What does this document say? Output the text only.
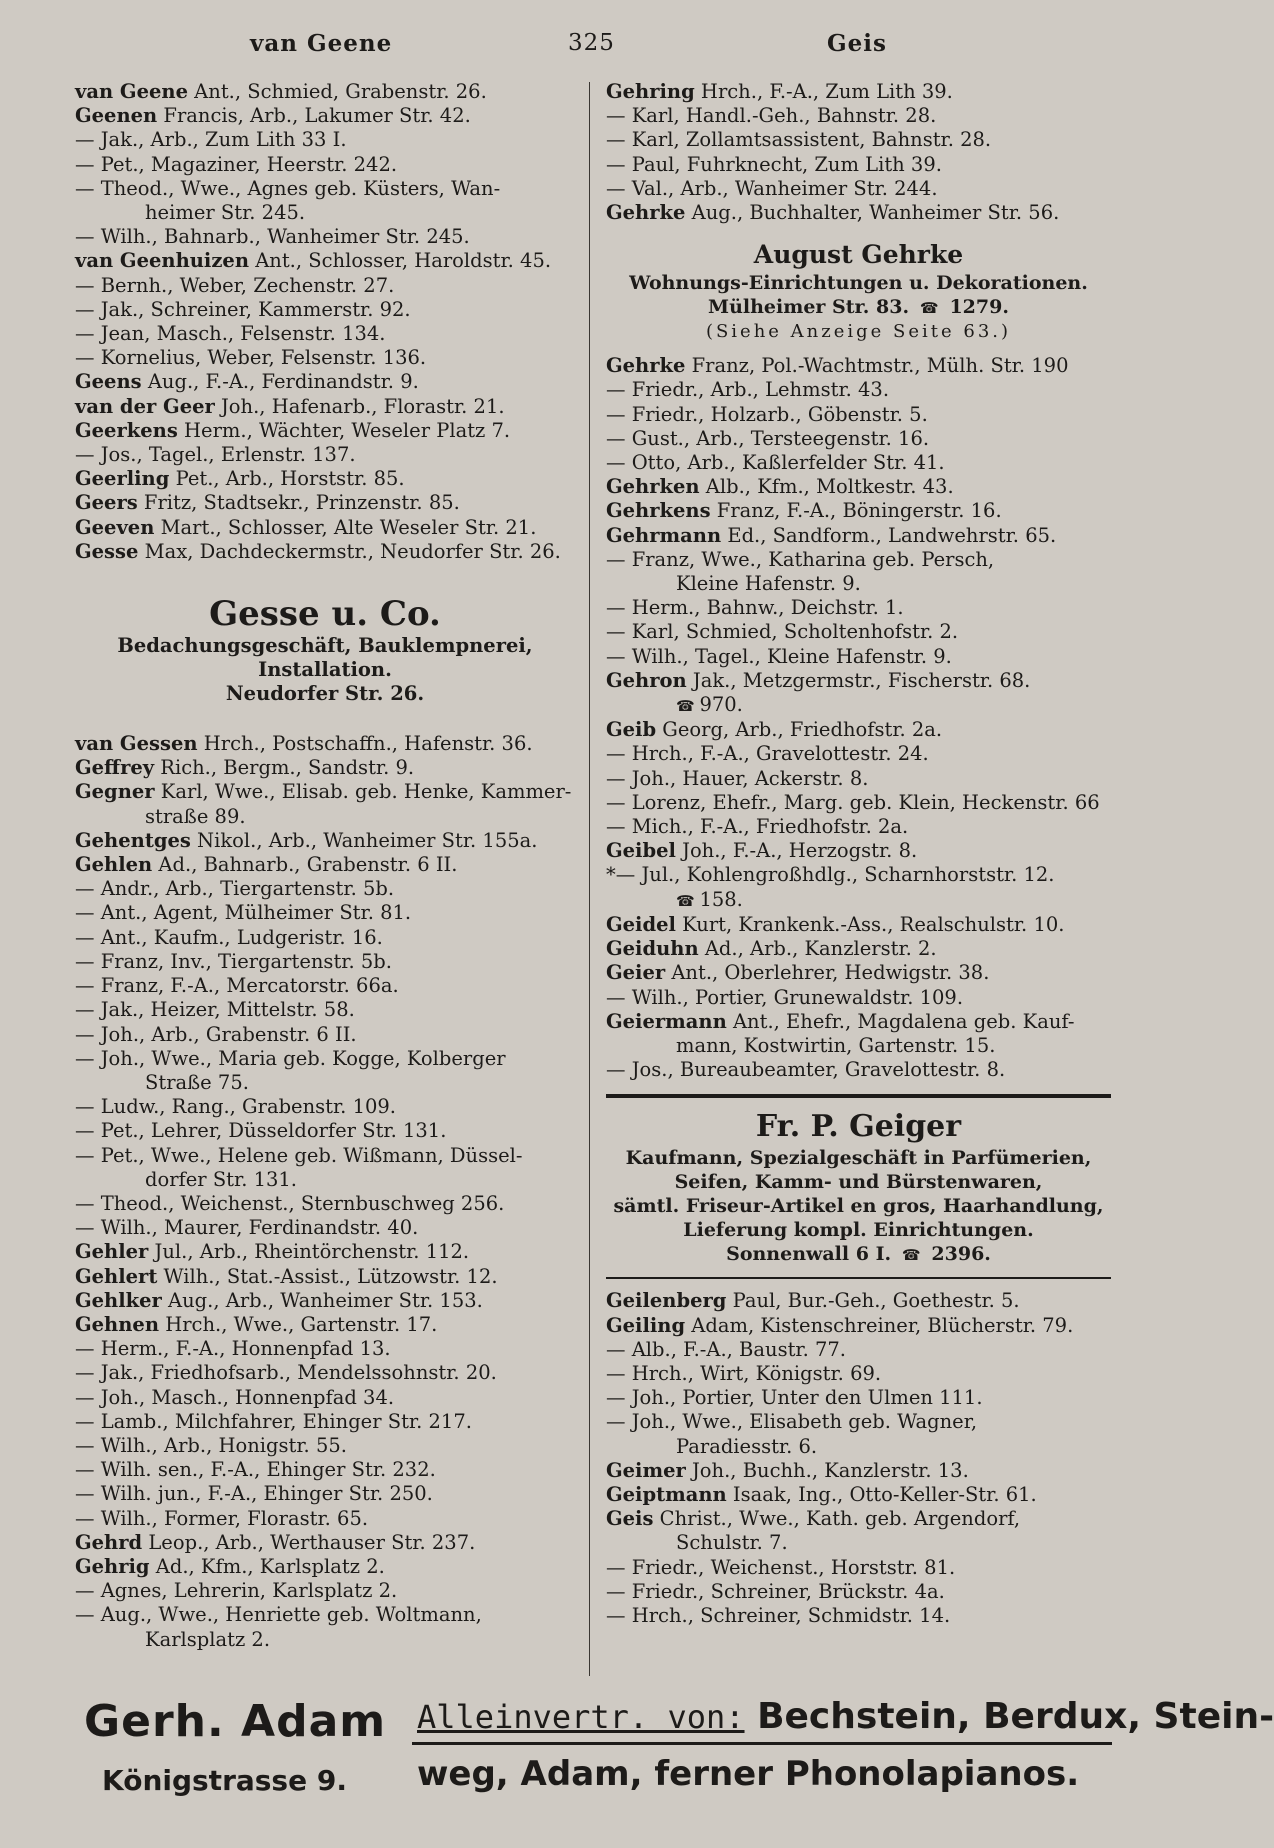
van Geene	325	Geis
van Geene Ant., Schmied, Grabenstr. 26.
Geenen Francis, Arb., Lakumer Str. 42.
— Jak., Arb., Zum Lith 33 I.
— Pet., Magaziner, Heerstr. 242.
— Theod., Wwe., Agnes geb. Küsters, Wan-
heimer Str. 245.
— Wilh., Bahnarb., Wanheimer Str. 245.
van Geenhuizen Ant., Schlosser, Haroldstr. 45.
— Bernh., Weber, Zechenstr. 27.
— Jak., Schreiner, Kammerstr. 92.
— Jean, Masch., Felsenstr. 134.
— Kornelius, Weber, Felsenstr. 136.
Geens Aug., F.-A., Ferdinandstr. 9.
van der Geer Joh., Hafenarb., Florastr. 21.
Geerkens Herm., Wächter, Weseler Platz 7.
— Jos., Tagel., Erlenstr. 137.
Geerling Pet., Arb., Horststr. 85.
Geers Fritz, Stadtsekr., Prinzenstr. 85.
Geeven Mart., Schlosser, Alte Weseler Str. 21.
Gesse Max, Dachdeckermstr., Neudorfer Str. 26.
Gesse u. Co.
Bedachungsgeschäft, Bauklempnerei, Installation.
Neudorfer Str. 26.
van Gessen Hrch., Postschaffn., Hafenstr. 36.
Geffrey Rich., Bergm., Sandstr. 9.
Gegner Karl, Wwe., Elisab. geb. Henke, Kammer-
straße 89.
Gehentges Nikol., Arb., Wanheimer Str. 155a.
Gehlen Ad., Bahnarb., Grabenstr. 6 II.
— Andr., Arb., Tiergartenstr. 5b.
— Ant., Agent, Mülheimer Str. 81.
— Ant., Kaufm., Ludgeristr. 16.
— Franz, Inv., Tiergartenstr. 5b.
— Franz, F.-A., Mercatorstr. 66a.
— Jak., Heizer, Mittelstr. 58.
— Joh., Arb., Grabenstr. 6 II.
— Joh., Wwe., Maria geb. Kogge, Kolberger
Straße 75.
— Ludw., Rang., Grabenstr. 109.
— Pet., Lehrer, Düsseldorfer Str. 131.
— Pet., Wwe., Helene geb. Wißmann, Düssel-
dorfer Str. 131.
— Theod., Weichenst., Sternbuschweg 256.
— Wilh., Maurer, Ferdinandstr. 40.
Gehler Jul., Arb., Rheintörchenstr. 112.
Gehlert Wilh., Stat.-Assist., Lützowstr. 12.
Gehlker Aug., Arb., Wanheimer Str. 153.
Gehnen Hrch., Wwe., Gartenstr. 17.
— Herm., F.-A., Honnenpfad 13.
— Jak., Friedhofsarb., Mendelssohnstr. 20.
— Joh., Masch., Honnenpfad 34.
— Lamb., Milchfahrer, Ehinger Str. 217.
— Wilh., Arb., Honigstr. 55.
— Wilh. sen., F.-A., Ehinger Str. 232.
— Wilh. jun., F.-A., Ehinger Str. 250.
— Wilh., Former, Florastr. 65.
Gehrd Leop., Arb., Werthauser Str. 237.
Gehrig Ad., Kfm., Karlsplatz 2.
— Agnes, Lehrerin, Karlsplatz 2.
— Aug., Wwe., Henriette geb. Woltmann,
Karlsplatz 2.
Gehring Hrch., F.-A., Zum Lith 39.
— Karl, Handl.-Geh., Bahnstr. 28.
— Karl, Zollamtsassistent, Bahnstr. 28.
— Paul, Fuhrknecht, Zum Lith 39.
— Val., Arb., Wanheimer Str. 244.
Gehrke Aug., Buchhalter, Wanheimer Str. 56.
August Gehrke
Wohnungs-Einrichtungen u. Dekorationen.
Mülheimer Str. 83.  ☎  1279.
(Siehe Anzeige Seite 63.)
Gehrke Franz, Pol.-Wachtmstr., Mülh. Str. 190
— Friedr., Arb., Lehmstr. 43.
— Friedr., Holzarb., Göbenstr. 5.
— Gust., Arb., Tersteegenstr. 16.
— Otto, Arb., Kaßlerfelder Str. 41.
Gehrken Alb., Kfm., Moltkestr. 43.
Gehrkens Franz, F.-A., Böningerstr. 16.
Gehrmann Ed., Sandform., Landwehrstr. 65.
— Franz, Wwe., Katharina geb. Persch,
Kleine Hafenstr. 9.
— Herm., Bahnw., Deichstr. 1.
— Karl, Schmied, Scholtenhofstr. 2.
— Wilh., Tagel., Kleine Hafenstr. 9.
Gehron Jak., Metzgermstr., Fischerstr. 68.
☎ 970.
Geib Georg, Arb., Friedhofstr. 2a.
— Hrch., F.-A., Gravelottestr. 24.
— Joh., Hauer, Ackerstr. 8.
— Lorenz, Ehefr., Marg. geb. Klein, Heckenstr. 66
— Mich., F.-A., Friedhofstr. 2a.
Geibel Joh., F.-A., Herzogstr. 8.
*— Jul., Kohlengroßhdlg., Scharnhorststr. 12.
☎ 158.
Geidel Kurt, Krankenk.-Ass., Realschulstr. 10.
Geiduhn Ad., Arb., Kanzlerstr. 2.
Geier Ant., Oberlehrer, Hedwigstr. 38.
— Wilh., Portier, Grunewaldstr. 109.
Geiermann Ant., Ehefr., Magdalena geb. Kauf-
mann, Kostwirtin, Gartenstr. 15.
— Jos., Bureaubeamter, Gravelottestr. 8.
Fr. P. Geiger
Kaufmann, Spezialgeschäft in Parfümerien,
Seifen, Kamm- und Bürstenwaren,
sämtl. Friseur-Artikel en gros, Haarhandlung,
Lieferung kompl. Einrichtungen.
Sonnenwall 6 I.  ☎  2396.
Geilenberg Paul, Bur.-Geh., Goethestr. 5.
Geiling Adam, Kistenschreiner, Blücherstr. 79.
— Alb., F.-A., Baustr. 77.
— Hrch., Wirt, Königstr. 69.
— Joh., Portier, Unter den Ulmen 111.
— Joh., Wwe., Elisabeth geb. Wagner,
Paradiesstr. 6.
Geimer Joh., Buchh., Kanzlerstr. 13.
Geiptmann Isaak, Ing., Otto-Keller-Str. 61.
Geis Christ., Wwe., Kath. geb. Argendorf,
Schulstr. 7.
— Friedr., Weichenst., Horststr. 81.
— Friedr., Schreiner, Brückstr. 4a.
— Hrch., Schreiner, Schmidstr. 14.
Gerh. Adam
Königstrasse 9.
Alleinvertr. von: Bechstein, Berdux, Stein-
weg, Adam, ferner Phonolapianos.
